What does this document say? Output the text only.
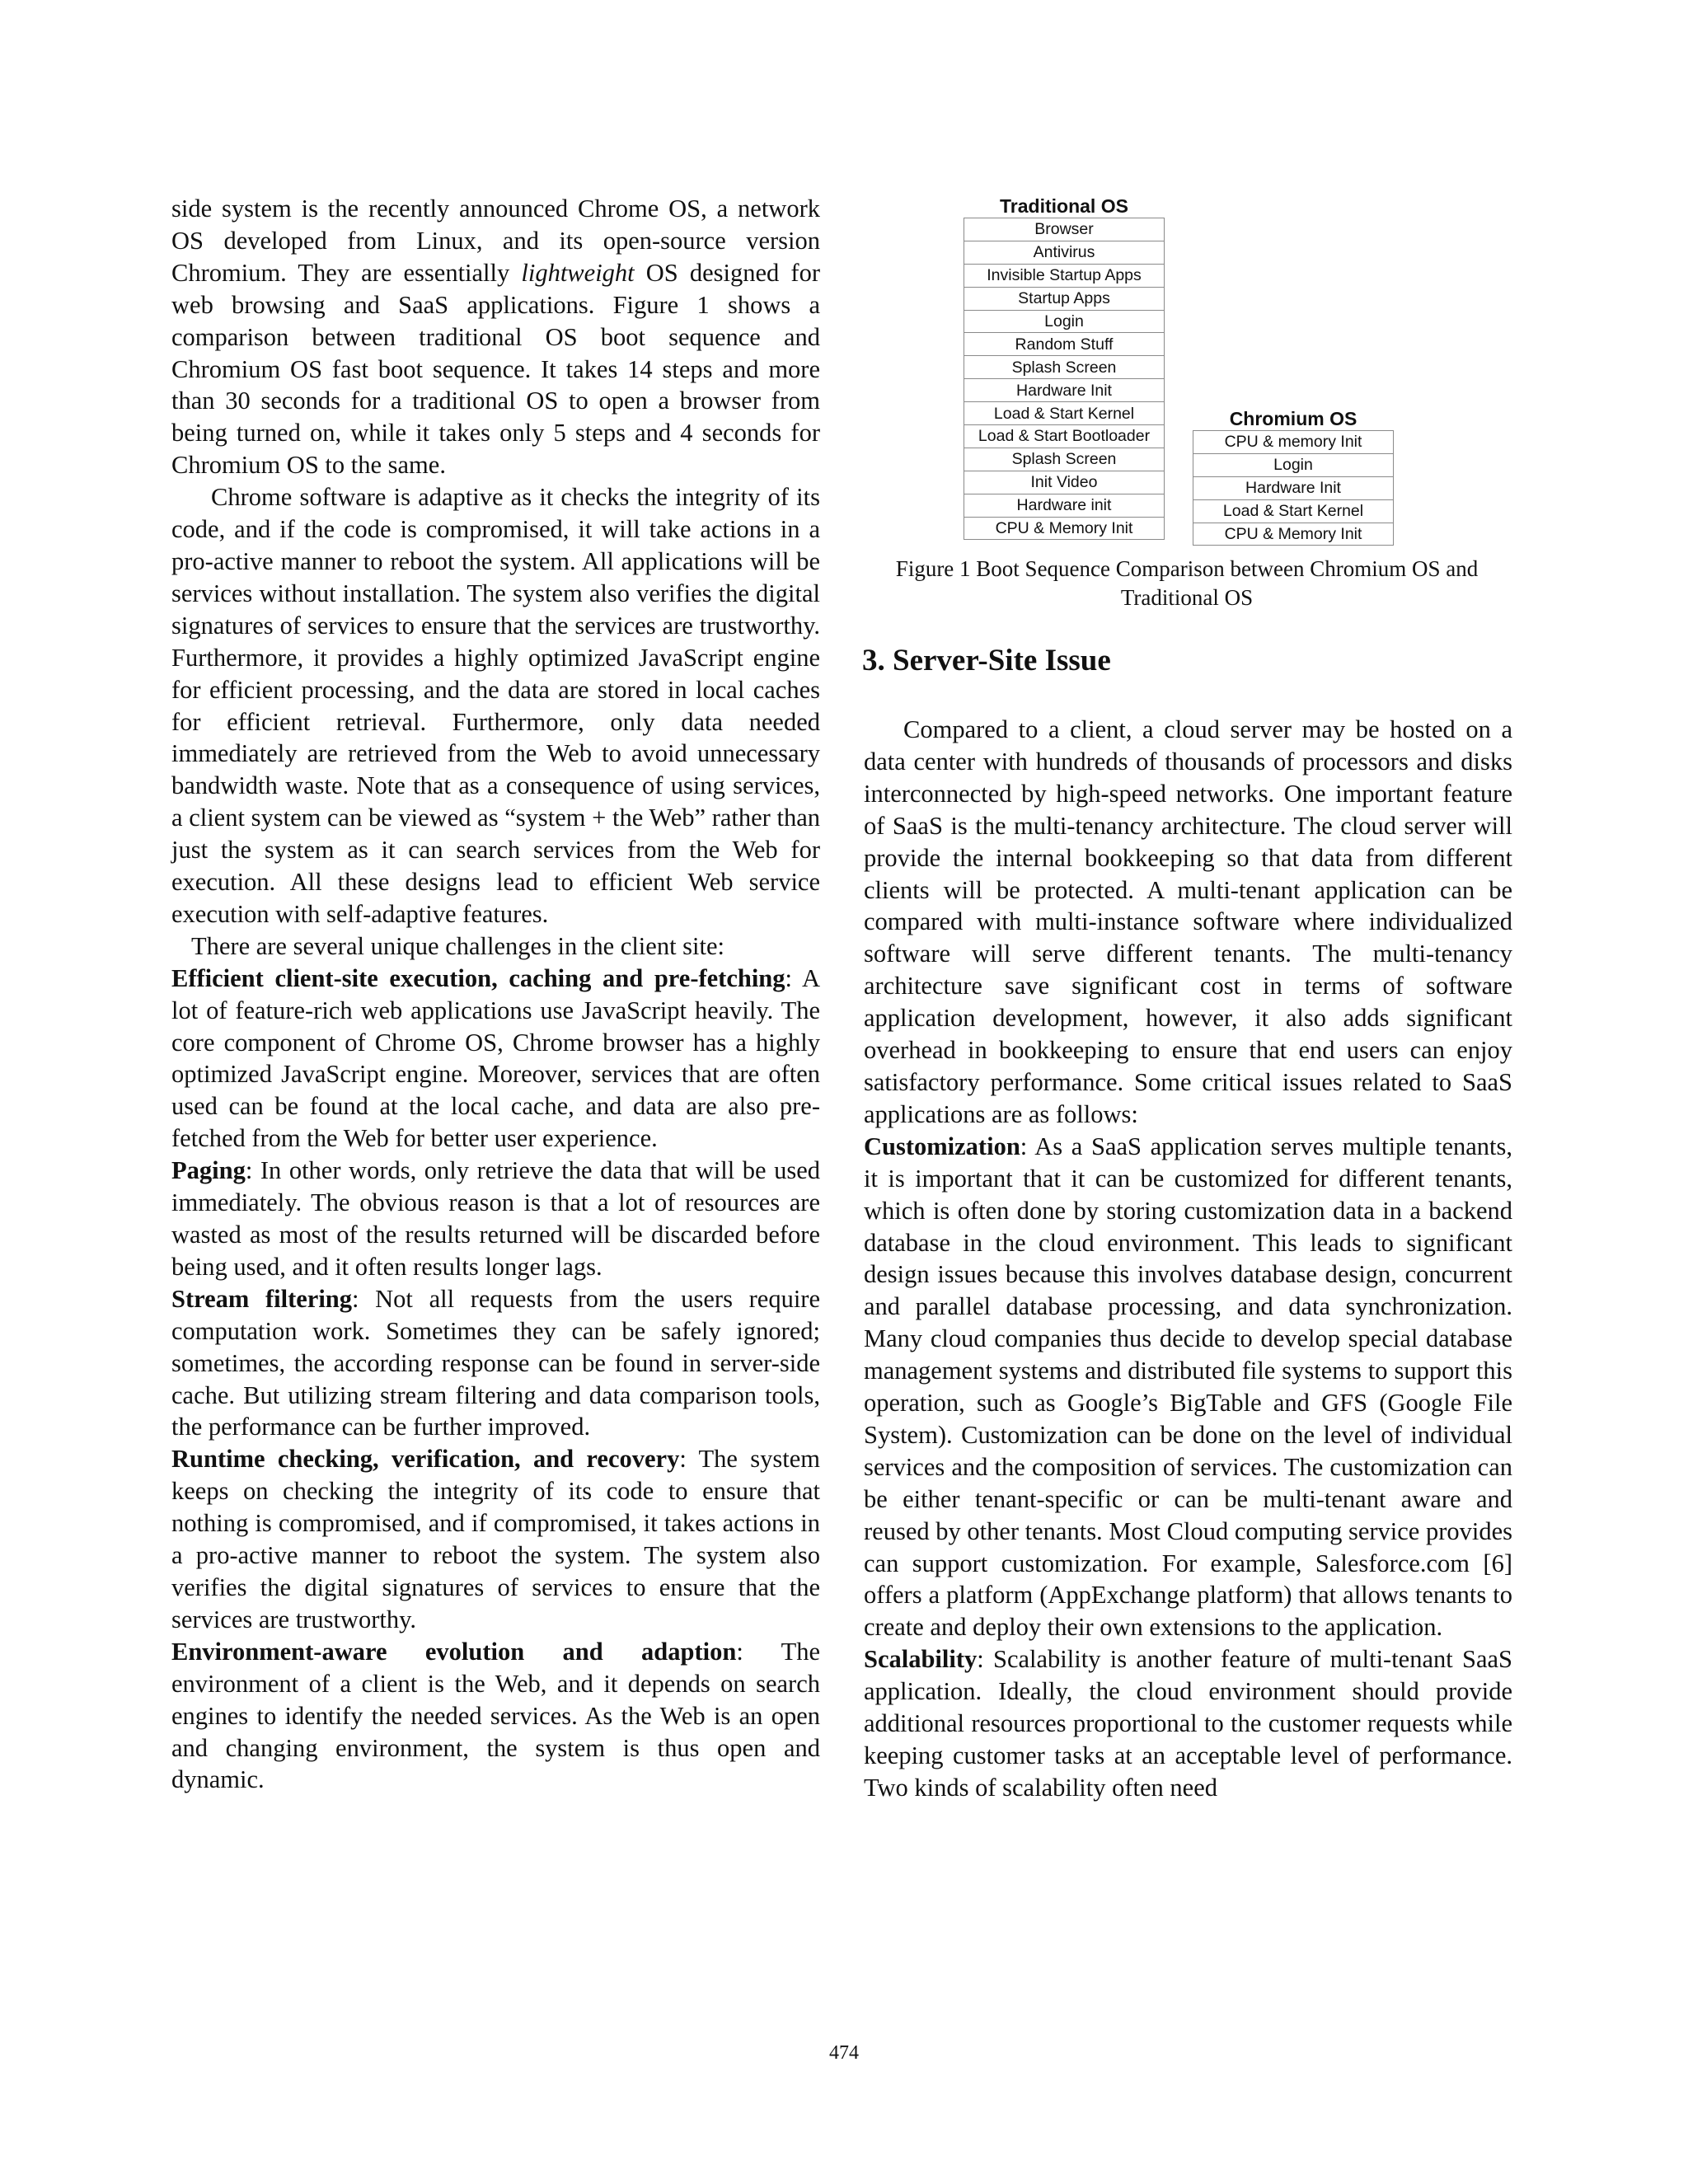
side system is the recently announced Chrome OS, a network OS developed from Linux, and its open-source version Chromium. They are essentially lightweight OS designed for web browsing and SaaS applications. Figure 1 shows a comparison between traditional OS boot sequence and Chromium OS fast boot sequence. It takes 14 steps and more than 30 seconds for a traditional OS to open a browser from being turned on, while it takes only 5 steps and 4 seconds for Chromium OS to the same.

Chrome software is adaptive as it checks the integrity of its code, and if the code is compromised, it will take actions in a pro-active manner to reboot the system. All applications will be services without installation. The system also verifies the digital signatures of services to ensure that the services are trustworthy. Furthermore, it provides a highly optimized JavaScript engine for efficient processing, and the data are stored in local caches for efficient retrieval. Furthermore, only data needed immediately are retrieved from the Web to avoid unnecessary bandwidth waste. Note that as a consequence of using services, a client system can be viewed as “system + the Web” rather than just the system as it can search services from the Web for execution. All these designs lead to efficient Web service execution with self-adaptive features.

There are several unique challenges in the client site:

Efficient client-site execution, caching and pre-fetching: A lot of feature-rich web applications use JavaScript heavily. The core component of Chrome OS, Chrome browser has a highly optimized JavaScript engine. Moreover, services that are often used can be found at the local cache, and data are also pre-fetched from the Web for better user experience.

Paging: In other words, only retrieve the data that will be used immediately. The obvious reason is that a lot of resources are wasted as most of the results returned will be discarded before being used, and it often results longer lags.

Stream filtering: Not all requests from the users require computation work. Sometimes they can be safely ignored; sometimes, the according response can be found in server-side cache. But utilizing stream filtering and data comparison tools, the performance can be further improved.

Runtime checking, verification, and recovery: The system keeps on checking the integrity of its code to ensure that nothing is compromised, and if compromised, it takes actions in a pro-active manner to reboot the system. The system also verifies the digital signatures of services to ensure that the services are trustworthy.

Environment-aware evolution and adaption: The environment of a client is the Web, and it depends on search engines to identify the needed services. As the Web is an open and changing environment, the system is thus open and dynamic.

Traditional OS
Browser
Antivirus
Invisible Startup Apps
Startup Apps
Login
Random Stuff
Splash Screen
Hardware Init
Load & Start Kernel
Load & Start Bootloader
Splash Screen
Init Video
Hardware init
CPU & Memory Init
Chromium OS
CPU & memory Init
Login
Hardware Init
Load & Start Kernel
CPU & Memory Init
Figure 1 Boot Sequence Comparison between Chromium OS and Traditional OS
3. Server-Site Issue

Compared to a client, a cloud server may be hosted on a data center with hundreds of thousands of processors and disks interconnected by high-speed networks. One important feature of SaaS is the multi-tenancy architecture. The cloud server will provide the internal bookkeeping so that data from different clients will be protected. A multi-tenant application can be compared with multi-instance software where individualized software will serve different tenants. The multi-tenancy architecture save significant cost in terms of software application development, however, it also adds significant overhead in bookkeeping to ensure that end users can enjoy satisfactory performance. Some critical issues related to SaaS applications are as follows:

Customization: As a SaaS application serves multiple tenants, it is important that it can be customized for different tenants, which is often done by storing customization data in a backend database in the cloud environment. This leads to significant design issues because this involves database design, concurrent and parallel database processing, and data synchronization. Many cloud companies thus decide to develop special database management systems and distributed file systems to support this operation, such as Google’s BigTable and GFS (Google File System). Customization can be done on the level of individual services and the composition of services. The customization can be either tenant-specific or can be multi-tenant aware and reused by other tenants. Most Cloud computing service provides can support customization. For example, Salesforce.com [6] offers a platform (AppExchange platform) that allows tenants to create and deploy their own extensions to the application.

Scalability: Scalability is another feature of multi-tenant SaaS application. Ideally, the cloud environment should provide additional resources proportional to the customer requests while keeping customer tasks at an acceptable level of performance. Two kinds of scalability often need

474
